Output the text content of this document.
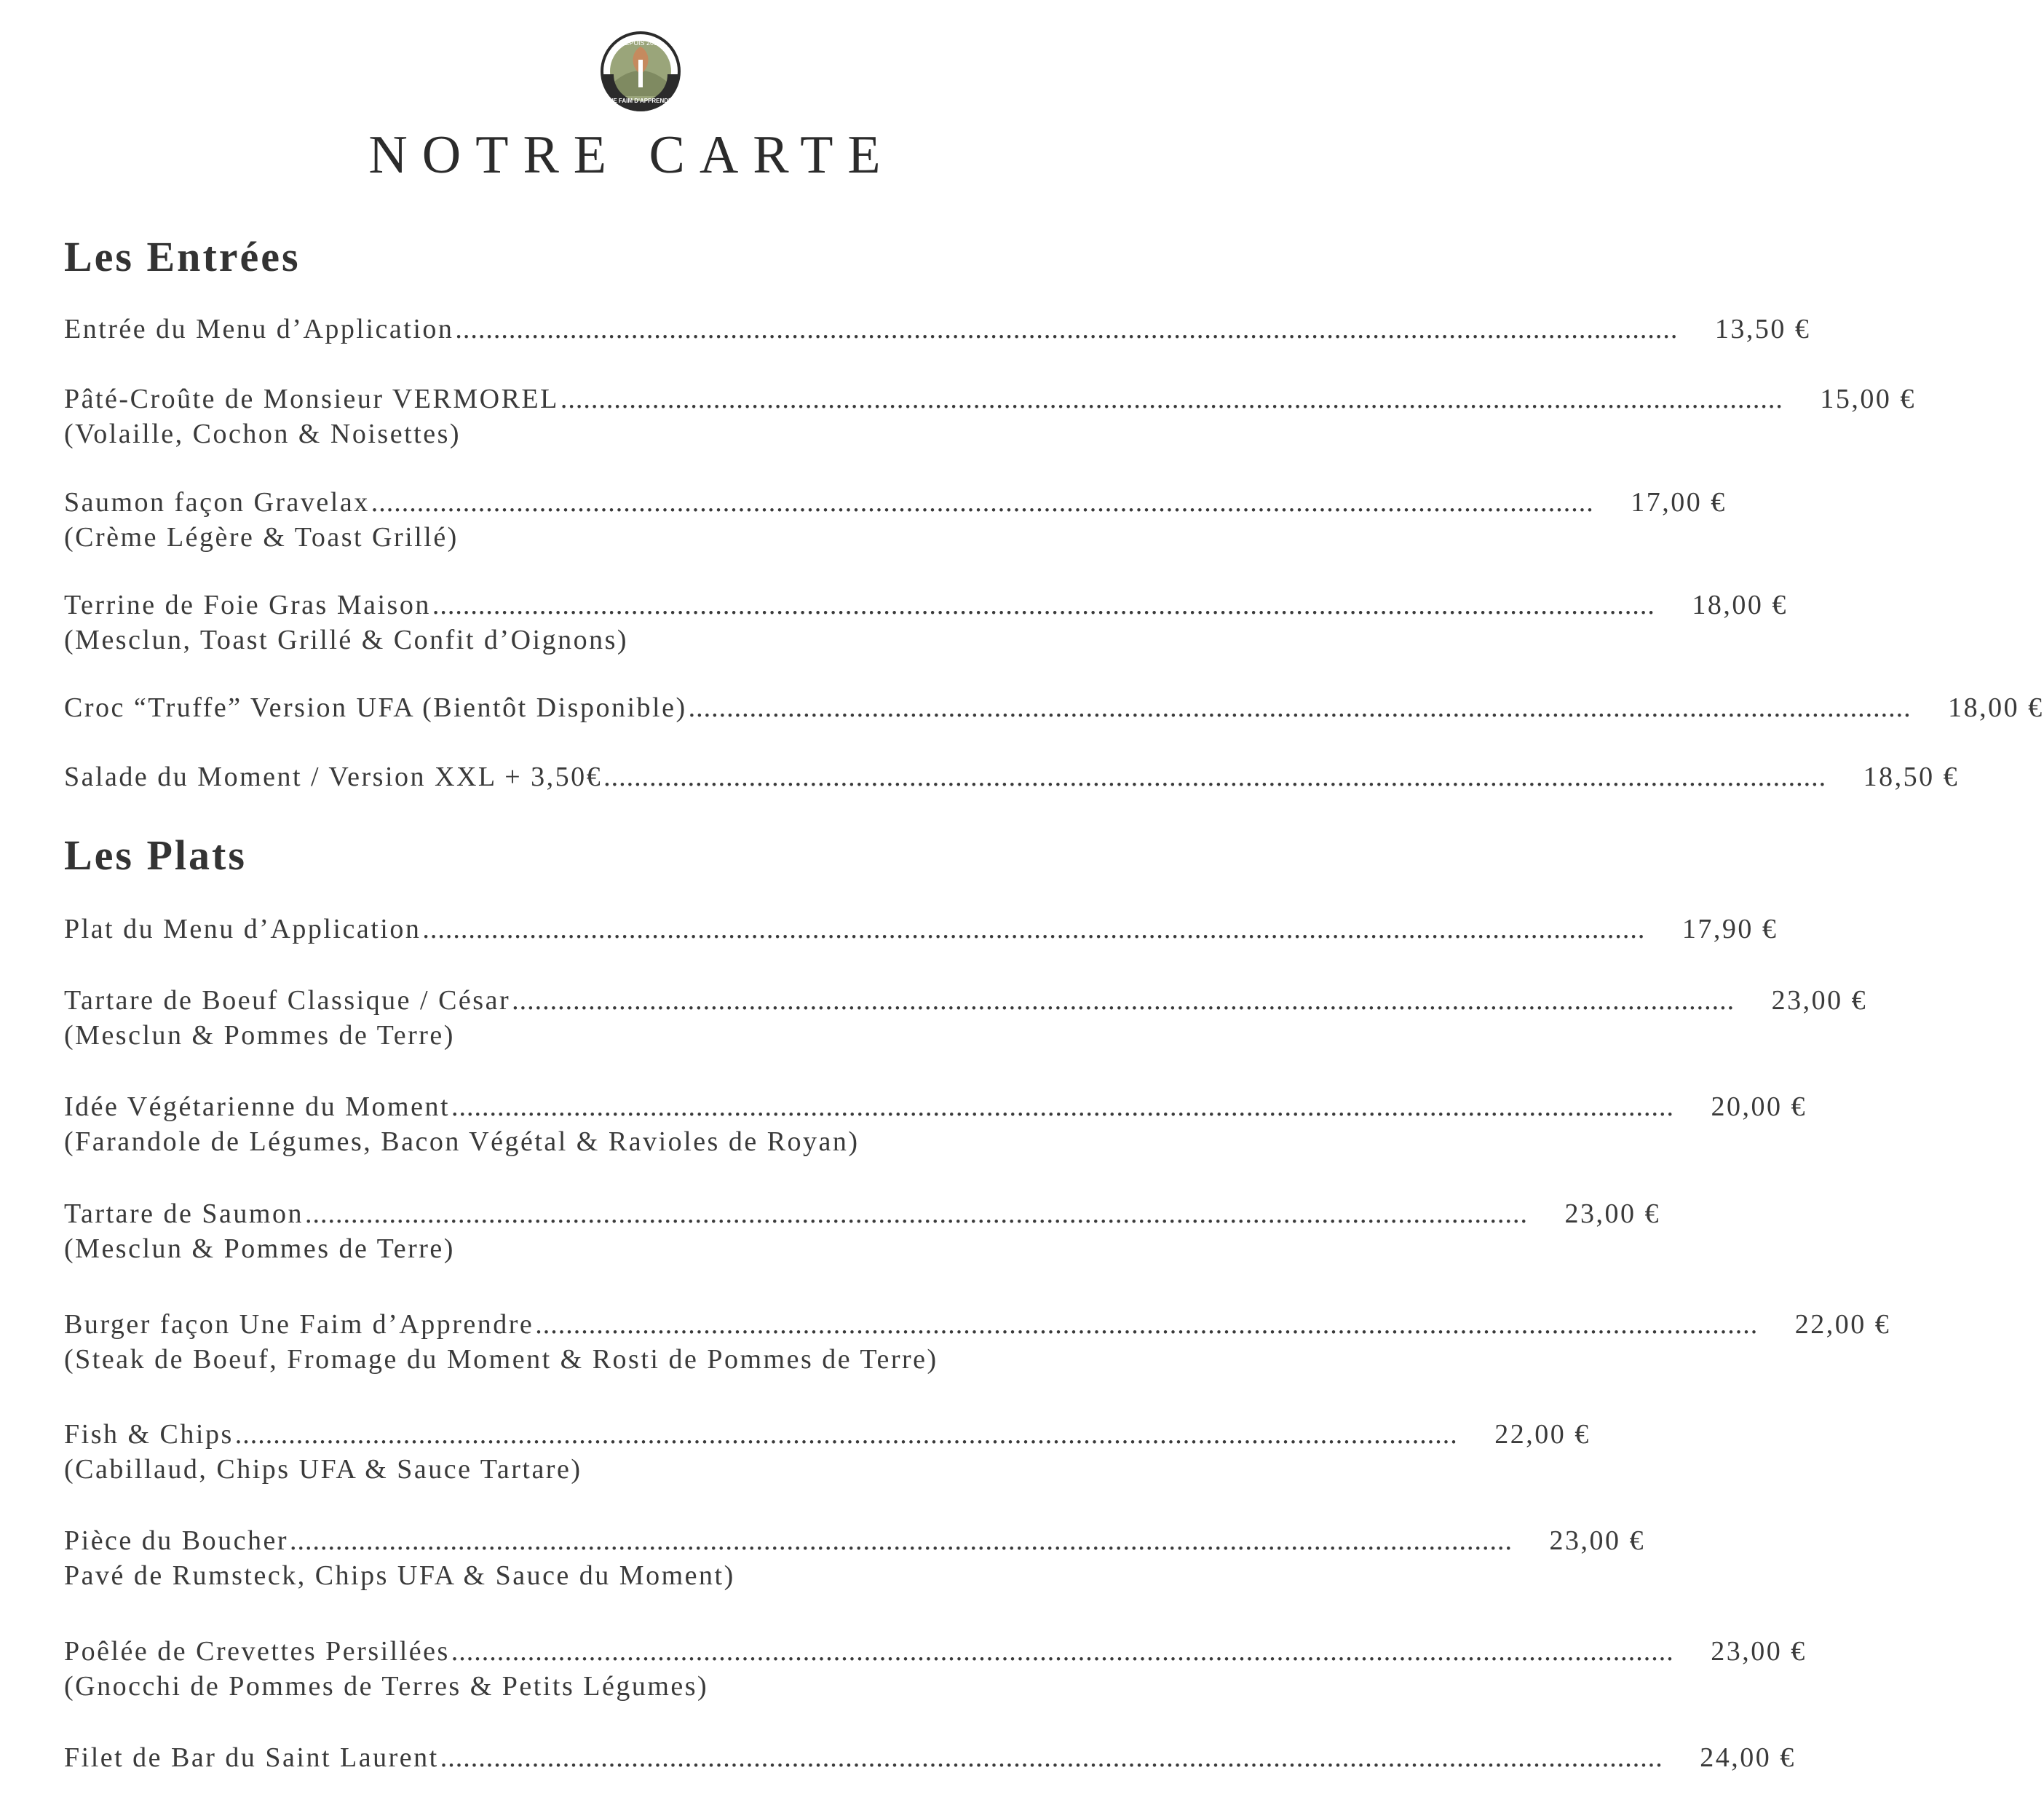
NOTRE CARTE
Les Entrées
Entrée du Menu d’Application ................................................................................................................................................................	13,50 €
Pâté-Croûte de Monsieur VERMOREL ................................................................................................................................................................	15,00 €
(Volaille, Cochon & Noisettes)
Saumon façon Gravelax ................................................................................................................................................................	17,00 €
(Crème Légère & Toast Grillé)
Terrine de Foie Gras Maison ................................................................................................................................................................	18,00 €
(Mesclun, Toast Grillé & Confit d’Oignons)
Croc “Truffe” Version UFA (Bientôt Disponible) ................................................................................................................................................................	18,00 €
Salade du Moment / Version XXL + 3,50€ ................................................................................................................................................................	18,50 €
Les Plats
Plat du Menu d’Application ................................................................................................................................................................	17,90 €
Tartare de Boeuf Classique / César ................................................................................................................................................................	23,00 €
(Mesclun & Pommes de Terre)
Idée Végétarienne du Moment ................................................................................................................................................................	20,00 €
(Farandole de Légumes, Bacon Végétal & Ravioles de Royan)
Tartare de Saumon ................................................................................................................................................................	23,00 €
(Mesclun & Pommes de Terre)
Burger façon Une Faim d’Apprendre ................................................................................................................................................................	22,00 €
(Steak de Boeuf, Fromage du Moment & Rosti de Pommes de Terre)
Fish & Chips ................................................................................................................................................................	22,00 €
(Cabillaud, Chips UFA & Sauce Tartare)
Pièce du Boucher ................................................................................................................................................................	23,00 €
Pavé de Rumsteck, Chips UFA & Sauce du Moment)
Poêlée de Crevettes Persillées ................................................................................................................................................................	23,00 €
(Gnocchi de Pommes de Terres & Petits Légumes)
Filet de Bar du Saint Laurent ................................................................................................................................................................	24,00 €
DEPUIS 2018
UNE FAIM D'APPRENDRE
